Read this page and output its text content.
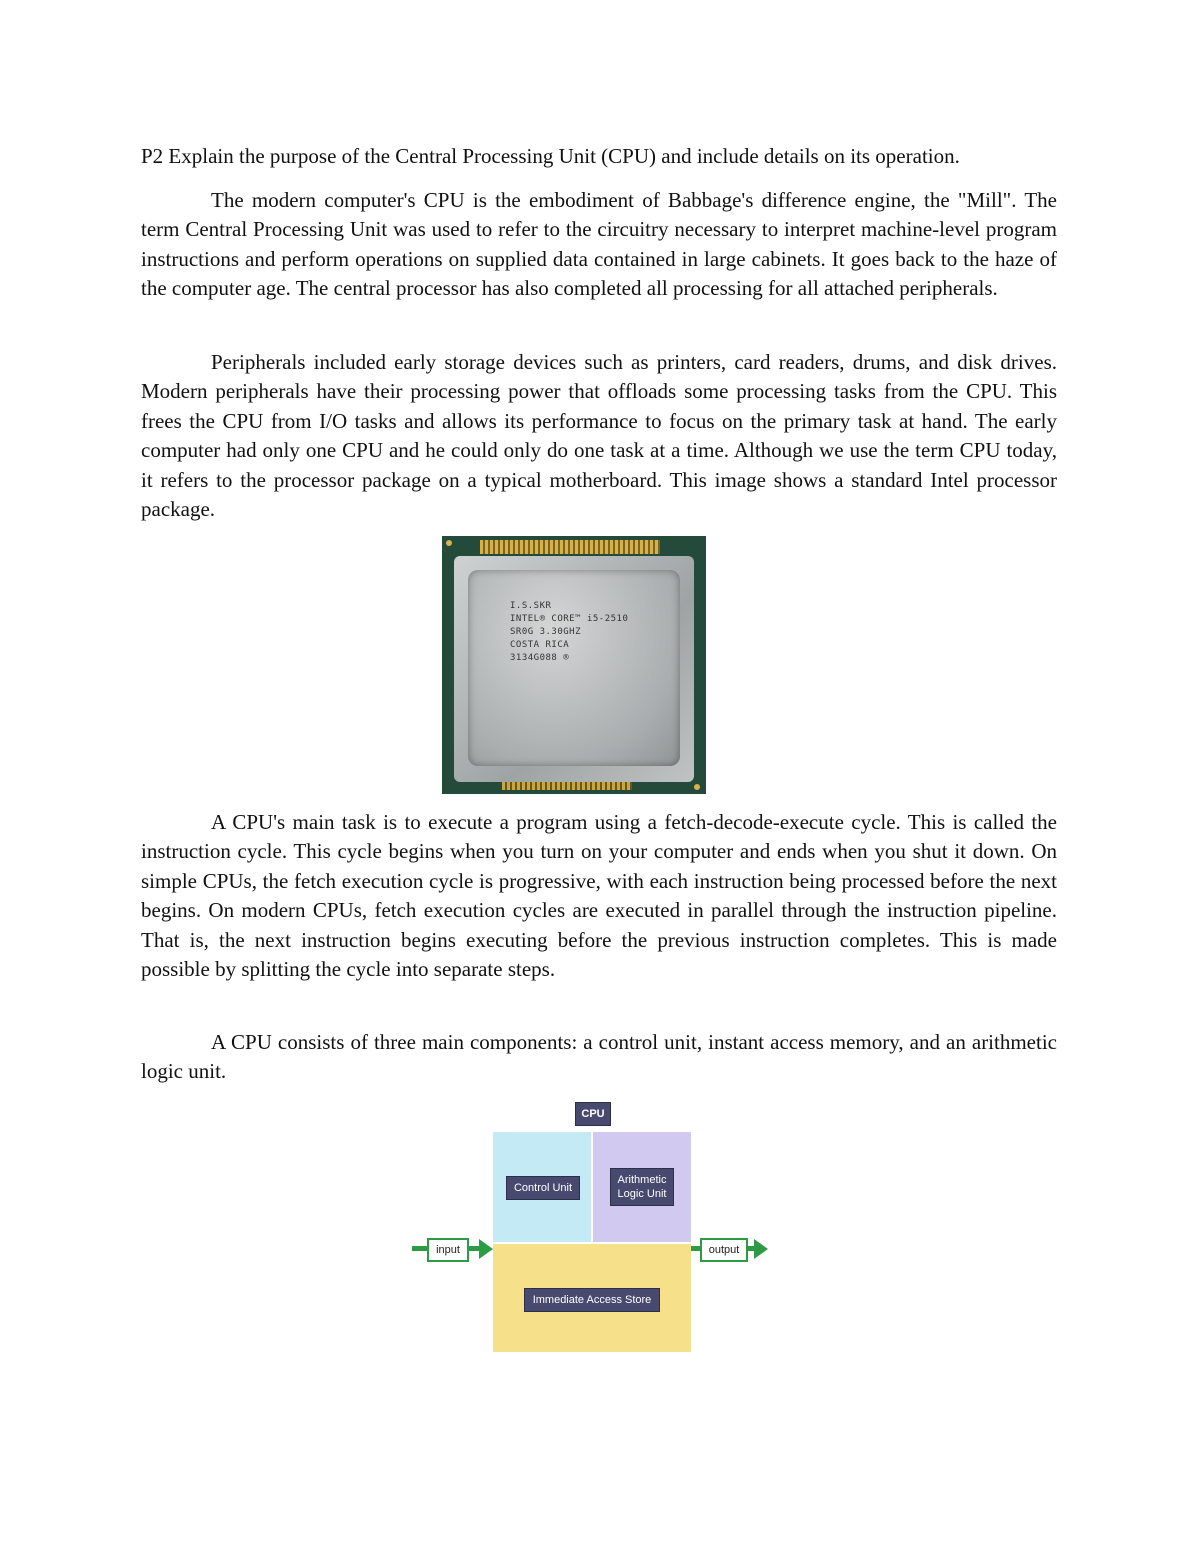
P2 Explain the purpose of the Central Processing Unit (CPU) and include details on its operation.

The modern computer's CPU is the embodiment of Babbage's difference engine, the "Mill". The term Central Processing Unit was used to refer to the circuitry necessary to interpret machine-level program instructions and perform operations on supplied data contained in large cabinets. It goes back to the haze of the computer age. The central processor has also completed all processing for all attached peripherals.

Peripherals included early storage devices such as printers, card readers, drums, and disk drives. Modern peripherals have their processing power that offloads some processing tasks from the CPU. This frees the CPU from I/O tasks and allows its performance to focus on the primary task at hand. The early computer had only one CPU and he could only do one task at a time. Although we use the term CPU today, it refers to the processor package on a typical motherboard. This image shows a standard Intel processor package.

I.S.SKR
INTEL® CORE™ i5-2510
SR0G 3.30GHZ
COSTA RICA
3134G088 ®

A CPU's main task is to execute a program using a fetch-decode-execute cycle. This is called the instruction cycle. This cycle begins when you turn on your computer and ends when you shut it down. On simple CPUs, the fetch execution cycle is progressive, with each instruction being processed before the next begins. On modern CPUs, fetch execution cycles are executed in parallel through the instruction pipeline. That is, the next instruction begins executing before the previous instruction completes. This is made possible by splitting the cycle into separate steps.

A CPU consists of three main components: a control unit, instant access memory, and an arithmetic logic unit.

CPU
Control Unit
Arithmetic Logic Unit
Immediate Access Store
input	output
